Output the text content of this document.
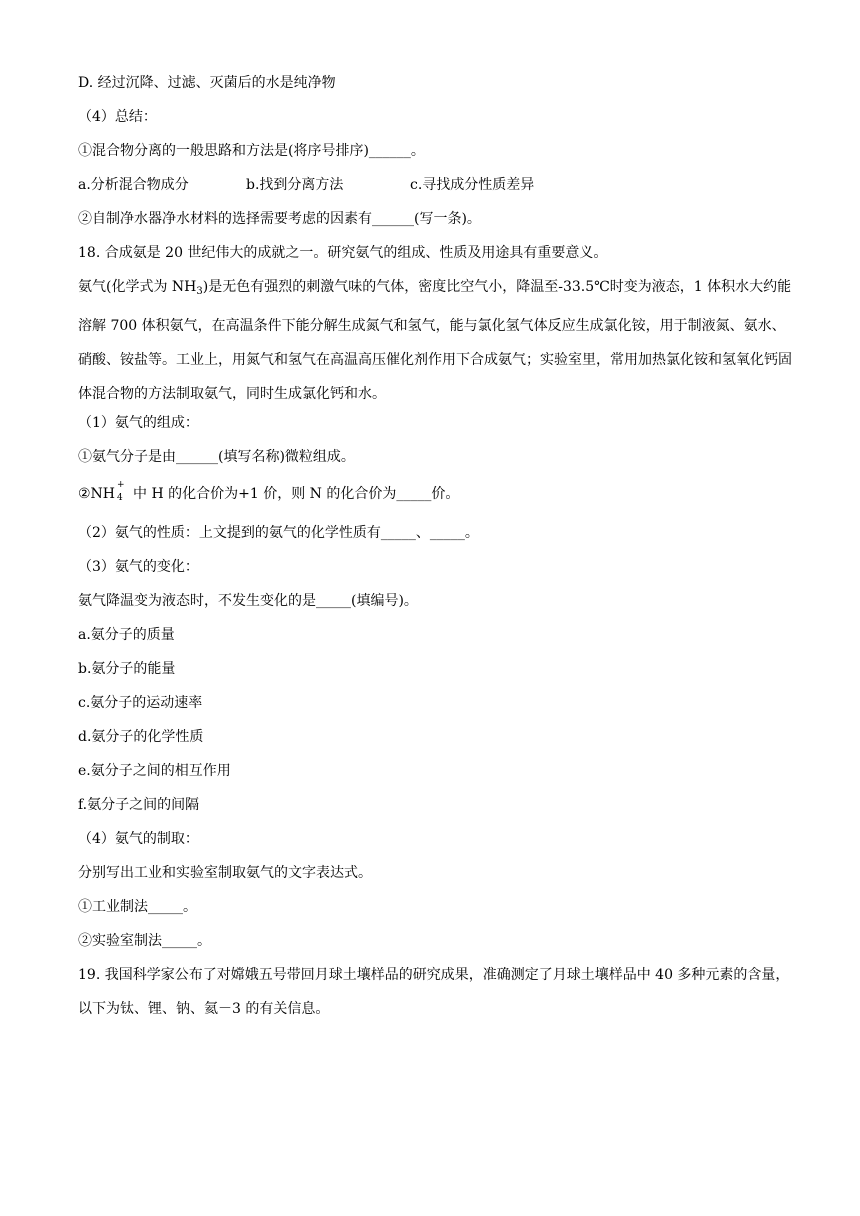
D. 经过沉降、过滤、灭菌后的水是纯净物
（4）总结：
①混合物分离的一般思路和方法是(将序号排序)______。
a.分析混合物成分	b.找到分离方法	c.寻找成分性质差异
②自制净水器净水材料的选择需要考虑的因素有______(写一条)。
18. 合成氨是 20 世纪伟大的成就之一。研究氨气的组成、性质及用途具有重要意义。
氨气(化学式为 $NH_3$)是无色有强烈的刺激气味的气体，密度比空气小，降温至-33.5℃时变为液态，1 体积水大约能溶解 700 体积氨气，在高温条件下能分解生成氮气和氢气，能与氯化氢气体反应生成氯化铵，用于制液氮、氨水、硝酸、铵盐等。工业上，用氮气和氢气在高温高压催化剂作用下合成氨气；实验室里，常用加热氯化铵和氢氧化钙固体混合物的方法制取氨气，同时生成氯化钙和水。
（1）氨气的组成：
①氨气分子是由______(填写名称)微粒组成。
②NH
+
4 中 H 的化合价为+1 价，则 N 的化合价为_____价。
（2）氨气的性质：上文提到的氨气的化学性质有_____、_____。
（3）氨气的变化：
氨气降温变为液态时，不发生变化的是_____(填编号)。
a.氨分子的质量
b.氨分子的能量
c.氨分子的运动速率
d.氨分子的化学性质
e.氨分子之间的相互作用
f.氨分子之间的间隔
（4）氨气的制取：
分别写出工业和实验室制取氨气的文字表达式。
①工业制法_____。
②实验室制法_____。
19. 我国科学家公布了对嫦娥五号带回月球土壤样品的研究成果，准确测定了月球土壤样品中 40 多种元素的含量，以下为钛、锂、钠、氦－3 的有关信息。
